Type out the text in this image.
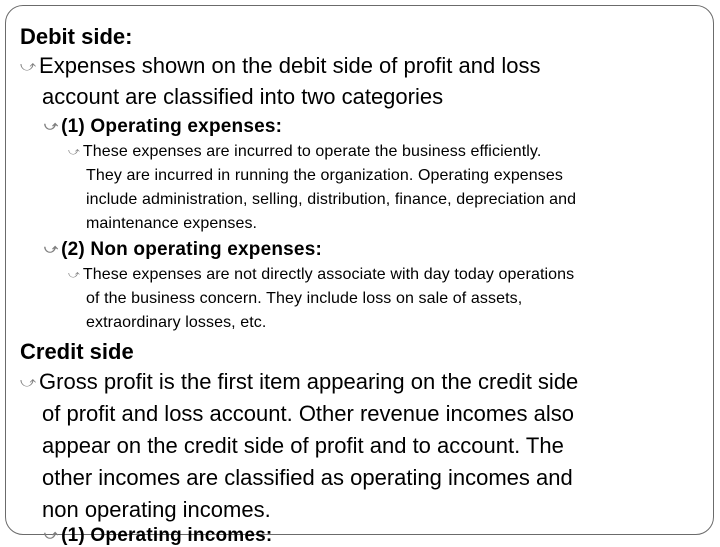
Debit side:
⤻ Expenses shown on the debit side of profit and loss
account are classified into two categories
⤻ (1) Operating expenses:
⤻ These expenses are incurred to operate the business efficiently.
They are incurred in running the organization. Operating expenses
include administration, selling, distribution, finance, depreciation and
maintenance expenses.
⤻ (2) Non operating expenses:
⤻ These expenses are not directly associate with day today operations
of the business concern. They include loss on sale of assets,
extraordinary losses, etc.
Credit side
⤻ Gross profit is the first item appearing on the credit side
of profit and loss account. Other revenue incomes also
appear on the credit side of profit and to account. The
other incomes are classified as operating incomes and
non operating incomes.
⤻ (1) Operating incomes:
